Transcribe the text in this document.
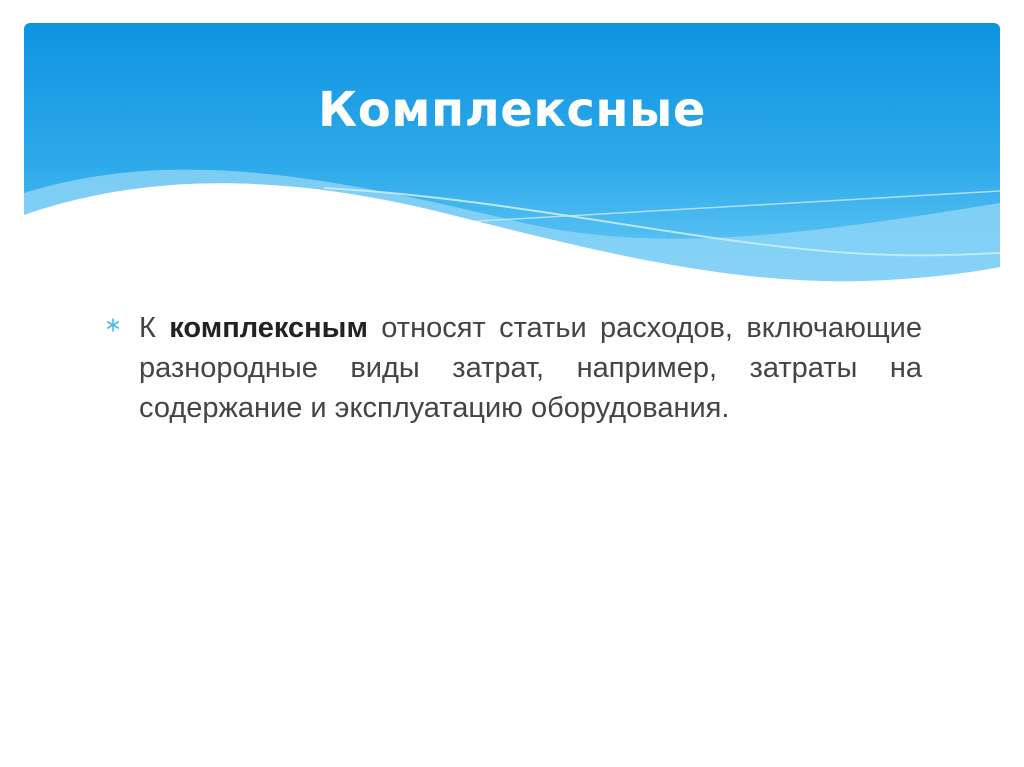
Комплексные

К комплексным относят статьи расходов, включающие разнородные виды затрат, например, затраты на содержание и эксплуатацию оборудования.
